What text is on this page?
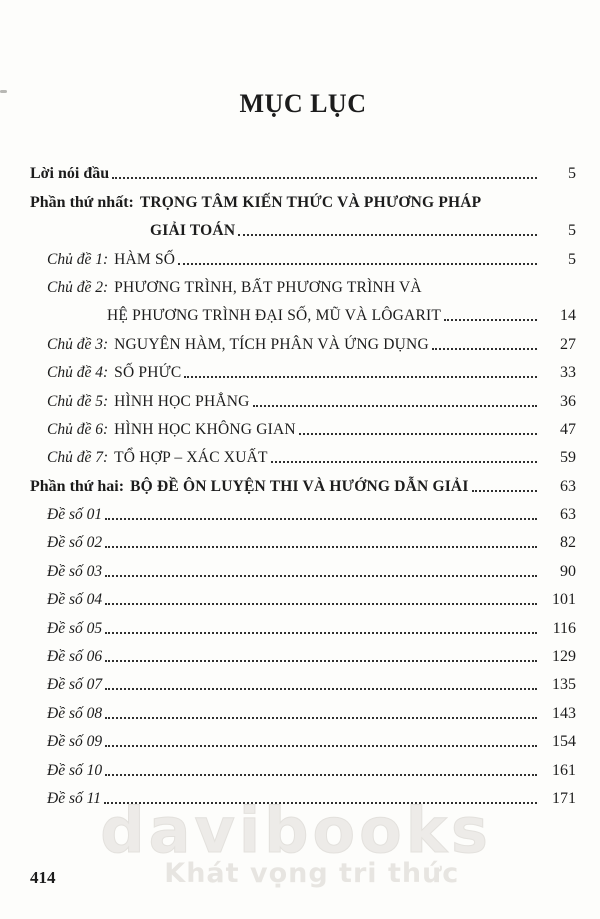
MỤC LỤC
Lời nói đầu	5
Phần thứ nhất: TRỌNG TÂM KIẾN THỨC VÀ PHƯƠNG PHÁP
GIẢI TOÁN	5
Chủ đề 1: HÀM SỐ	5
Chủ đề 2: PHƯƠNG TRÌNH, BẤT PHƯƠNG TRÌNH VÀ
HỆ PHƯƠNG TRÌNH ĐẠI SỐ, MŨ VÀ LÔGARIT	14
Chủ đề 3: NGUYÊN HÀM, TÍCH PHÂN VÀ ỨNG DỤNG	27
Chủ đề 4: SỐ PHỨC	33
Chủ đề 5: HÌNH HỌC PHẲNG	36
Chủ đề 6: HÌNH HỌC KHÔNG GIAN	47
Chủ đề 7: TỔ HỢP – XÁC XUẤT	59
Phần thứ hai: BỘ ĐỀ ÔN LUYỆN THI VÀ HƯỚNG DẪN GIẢI	63
Đề số 01	63
Đề số 02	82
Đề số 03	90
Đề số 04	101
Đề số 05	116
Đề số 06	129
Đề số 07	135
Đề số 08	143
Đề số 09	154
Đề số 10	161
Đề số 11	171
davibooks
Khát vọng tri thức
414
